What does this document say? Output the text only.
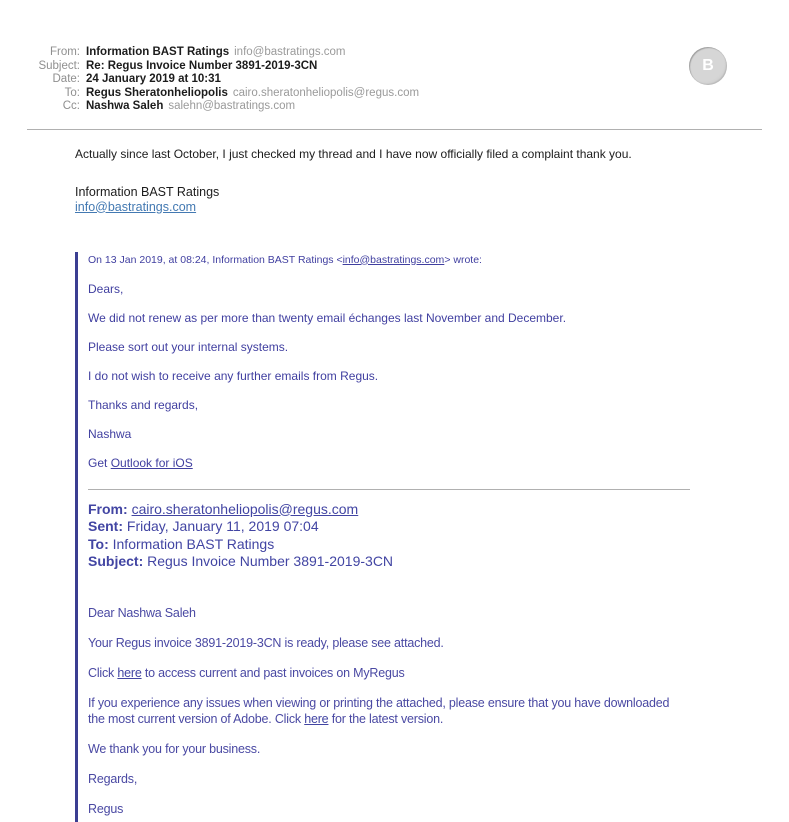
From: Information BAST Ratings info@bastratings.com
Subject: Re: Regus Invoice Number 3891-2019-3CN
Date: 24 January 2019 at 10:31
To: Regus Sheratonheliopolis cairo.sheratonheliopolis@regus.com
Cc: Nashwa Saleh salehn@bastratings.com
B
Actually since last October, I just checked my thread and I have now officially filed a complaint thank you.
Information BAST Ratings
info@bastratings.com
On 13 Jan 2019, at 08:24, Information BAST Ratings <info@bastratings.com> wrote:
Dears,
We did not renew as per more than twenty email échanges last November and December.
Please sort out your internal systems.
I do not wish to receive any further emails from Regus.
Thanks and regards,
Nashwa
Get Outlook for iOS
From: cairo.sheratonheliopolis@regus.com
Sent: Friday, January 11, 2019 07:04
To: Information BAST Ratings
Subject: Regus Invoice Number 3891-2019-3CN
Dear Nashwa Saleh
Your Regus invoice 3891-2019-3CN is ready, please see attached.
Click here to access current and past invoices on MyRegus
If you experience any issues when viewing or printing the attached, please ensure that you have downloaded the most current version of Adobe. Click here for the latest version.
We thank you for your business.
Regards,
Regus
